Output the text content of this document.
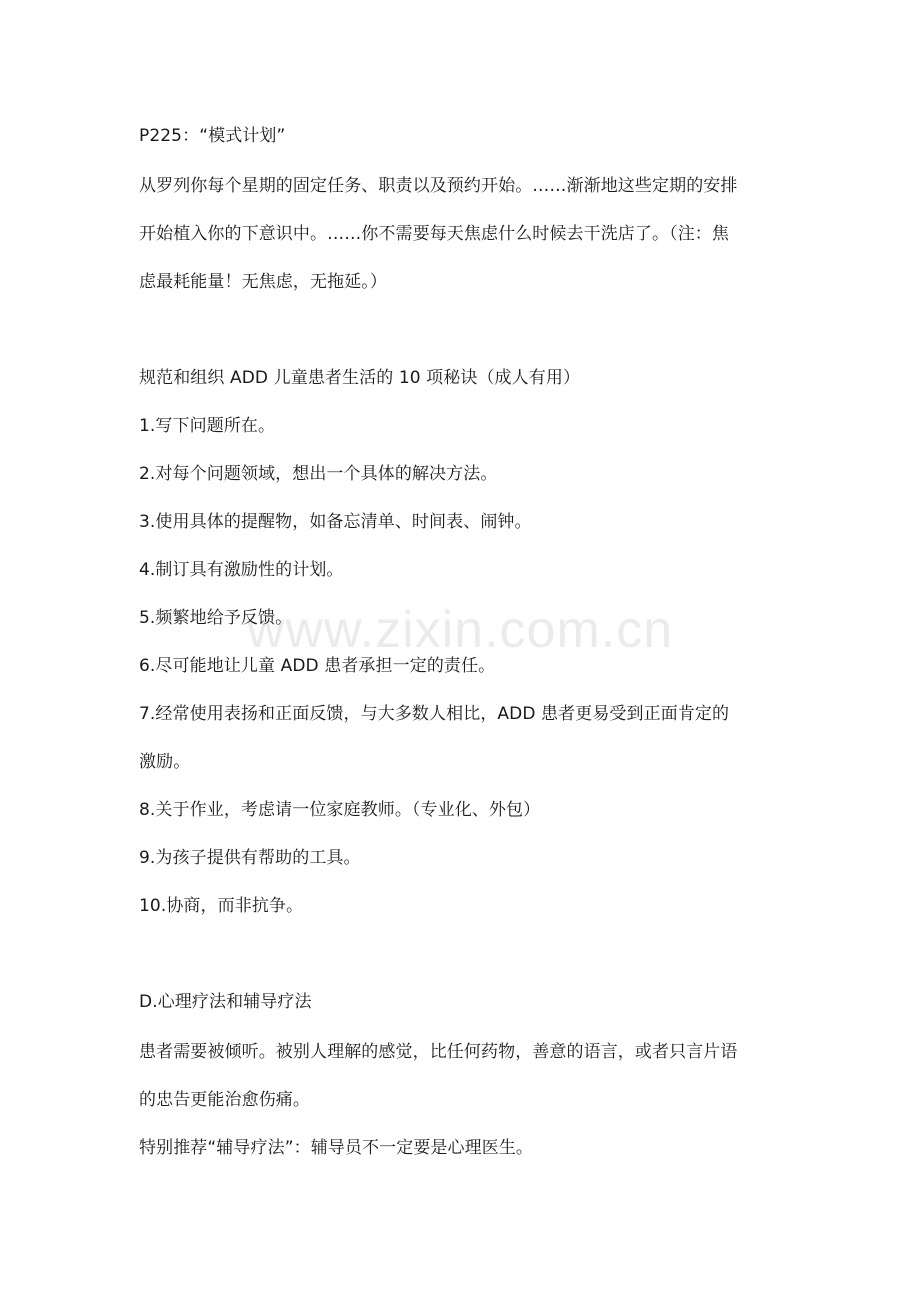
P225：“模式计划”
从罗列你每个星期的固定任务、职责以及预约开始。……渐渐地这些定期的安排
开始植入你的下意识中。……你不需要每天焦虑什么时候去干洗店了。（注：焦
虑最耗能量！无焦虑，无拖延。）
规范和组织 ADD 儿童患者生活的 10 项秘诀（成人有用）
1.写下问题所在。
2.对每个问题领域，想出一个具体的解决方法。
3.使用具体的提醒物，如备忘清单、时间表、闹钟。
4.制订具有激励性的计划。
5.频繁地给予反馈。
6.尽可能地让儿童 ADD 患者承担一定的责任。
7.经常使用表扬和正面反馈，与大多数人相比，ADD 患者更易受到正面肯定的
激励。
8.关于作业，考虑请一位家庭教师。（专业化、外包）
9.为孩子提供有帮助的工具。
10.协商，而非抗争。
D.心理疗法和辅导疗法
患者需要被倾听。被别人理解的感觉，比任何药物，善意的语言，或者只言片语
的忠告更能治愈伤痛。
特别推荐“辅导疗法”：辅导员不一定要是心理医生。
www.zixin.com.cn
